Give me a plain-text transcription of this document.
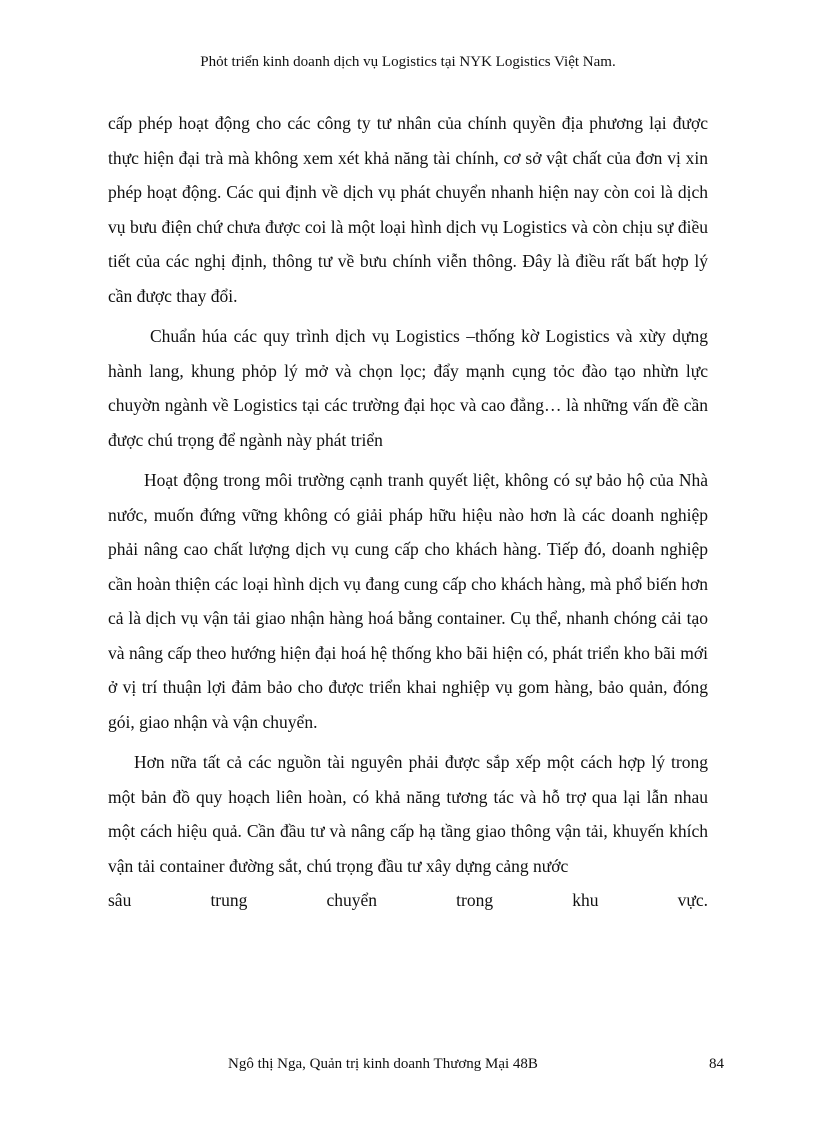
Phỏt triển kinh doanh dịch vụ Logistics tại NYK Logistics Việt Nam.

cấp phép hoạt động cho các công ty tư nhân của chính quyền địa phương lại được thực hiện đại trà mà không xem xét khả năng tài chính, cơ sở vật chất của đơn vị xin phép hoạt động. Các qui định về dịch vụ phát chuyển nhanh hiện nay còn coi là dịch vụ bưu điện chứ chưa được coi là một loại hình dịch vụ Logistics và còn chịu sự điều tiết của các nghị định, thông tư về bưu chính viễn thông. Đây là điều rất bất hợp lý cần được thay đổi.

Chuẩn húa các quy trình dịch vụ Logistics –thống kờ Logistics và xừy dựng hành lang, khung phỏp lý mở và chọn lọc; đẩy mạnh cụng tỏc đào tạo nhừn lực chuyờn ngành về Logistics tại các trường đại học và cao đẳng… là những vấn đề cần được chú trọng để ngành này phát triển

Hoạt động trong môi trường cạnh tranh quyết liệt, không có sự bảo hộ của Nhà nước, muốn đứng vững không có giải pháp hữu hiệu nào hơn là các doanh nghiệp phải nâng cao chất lượng dịch vụ cung cấp cho khách hàng. Tiếp đó, doanh nghiệp cần hoàn thiện các loại hình dịch vụ đang cung cấp cho khách hàng, mà phổ biến hơn cả là dịch vụ vận tải giao nhận hàng hoá bằng container. Cụ thể, nhanh chóng cải tạo và nâng cấp theo hướng hiện đại hoá hệ thống kho bãi hiện có, phát triển kho bãi mới ở vị trí thuận lợi đảm bảo cho được triển khai nghiệp vụ gom hàng, bảo quản, đóng gói, giao nhận và vận chuyển.

Hơn nữa tất cả các nguồn tài nguyên phải được sắp xếp một cách hợp lý trong một bản đồ quy hoạch liên hoàn, có khả năng tương tác và hỗ trợ qua lại lẫn nhau một cách hiệu quả. Cần đầu tư và nâng cấp hạ tầng giao thông vận tải, khuyến khích vận tải container đường sắt, chú trọng đầu tư xây dựng cảng nước

sâu	trung	chuyển	trong	khu	vực.
Ngô thị Nga, Quản trị kinh doanh Thương Mại 48B	84
